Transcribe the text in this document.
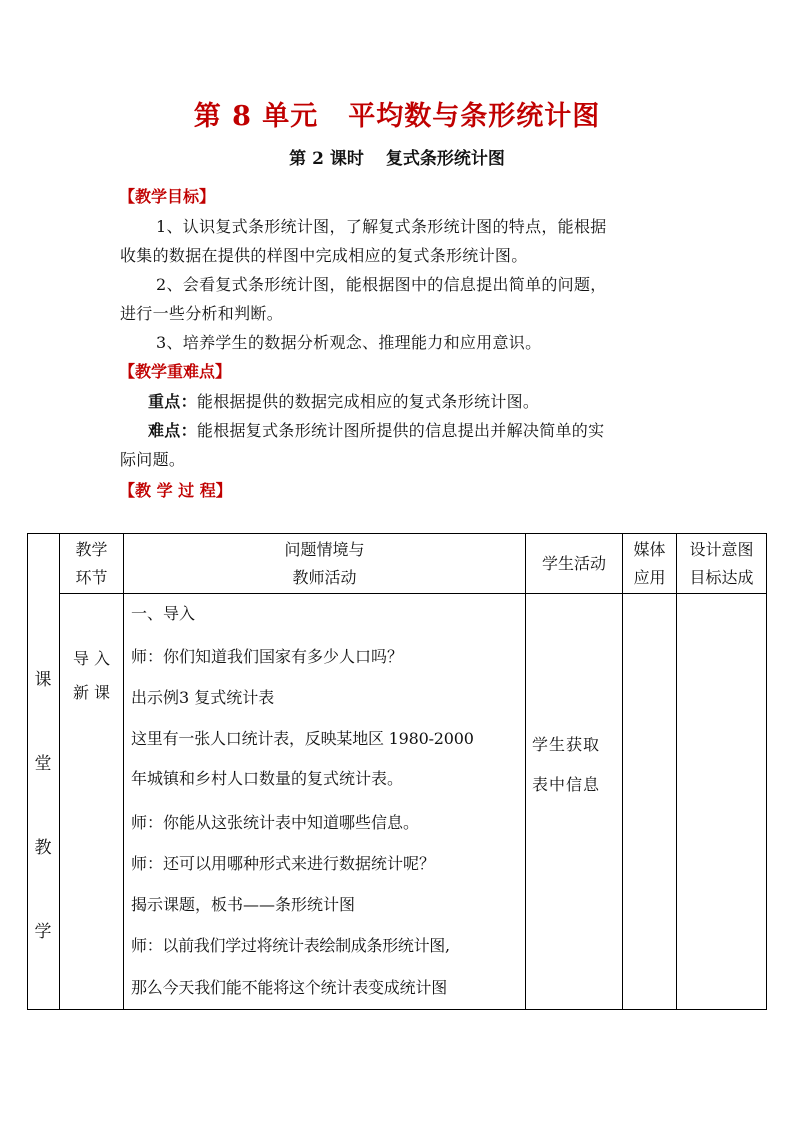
第 8 单元 平均数与条形统计图
第 2 课时 复式条形统计图
【教学目标】
1、认识复式条形统计图，了解复式条形统计图的特点，能根据
收集的数据在提供的样图中完成相应的复式条形统计图。
2、会看复式条形统计图，能根据图中的信息提出简单的问题，
进行一些分析和判断。
3、培养学生的数据分析观念、推理能力和应用意识。
【教学重难点】
重点：能根据提供的数据完成相应的复式条形统计图。
难点：能根据复式条形统计图所提供的信息提出并解决简单的实
际问题。
【教 学 过 程】
教学
环节
问题情境与
教师活动
学生活动
媒体
应用
设计意图
目标达成
课
堂
教
学
导 入
新 课
一、导入
师：你们知道我们国家有多少人口吗？
出示例3 复式统计表
这里有一张人口统计表，反映某地区 1980-2000
年城镇和乡村人口数量的复式统计表。
师：你能从这张统计表中知道哪些信息。
师：还可以用哪种形式来进行数据统计呢？
揭示课题，板书——条形统计图
师：以前我们学过将统计表绘制成条形统计图,
那么今天我们能不能将这个统计表变成统计图
学生获取
表中信息
